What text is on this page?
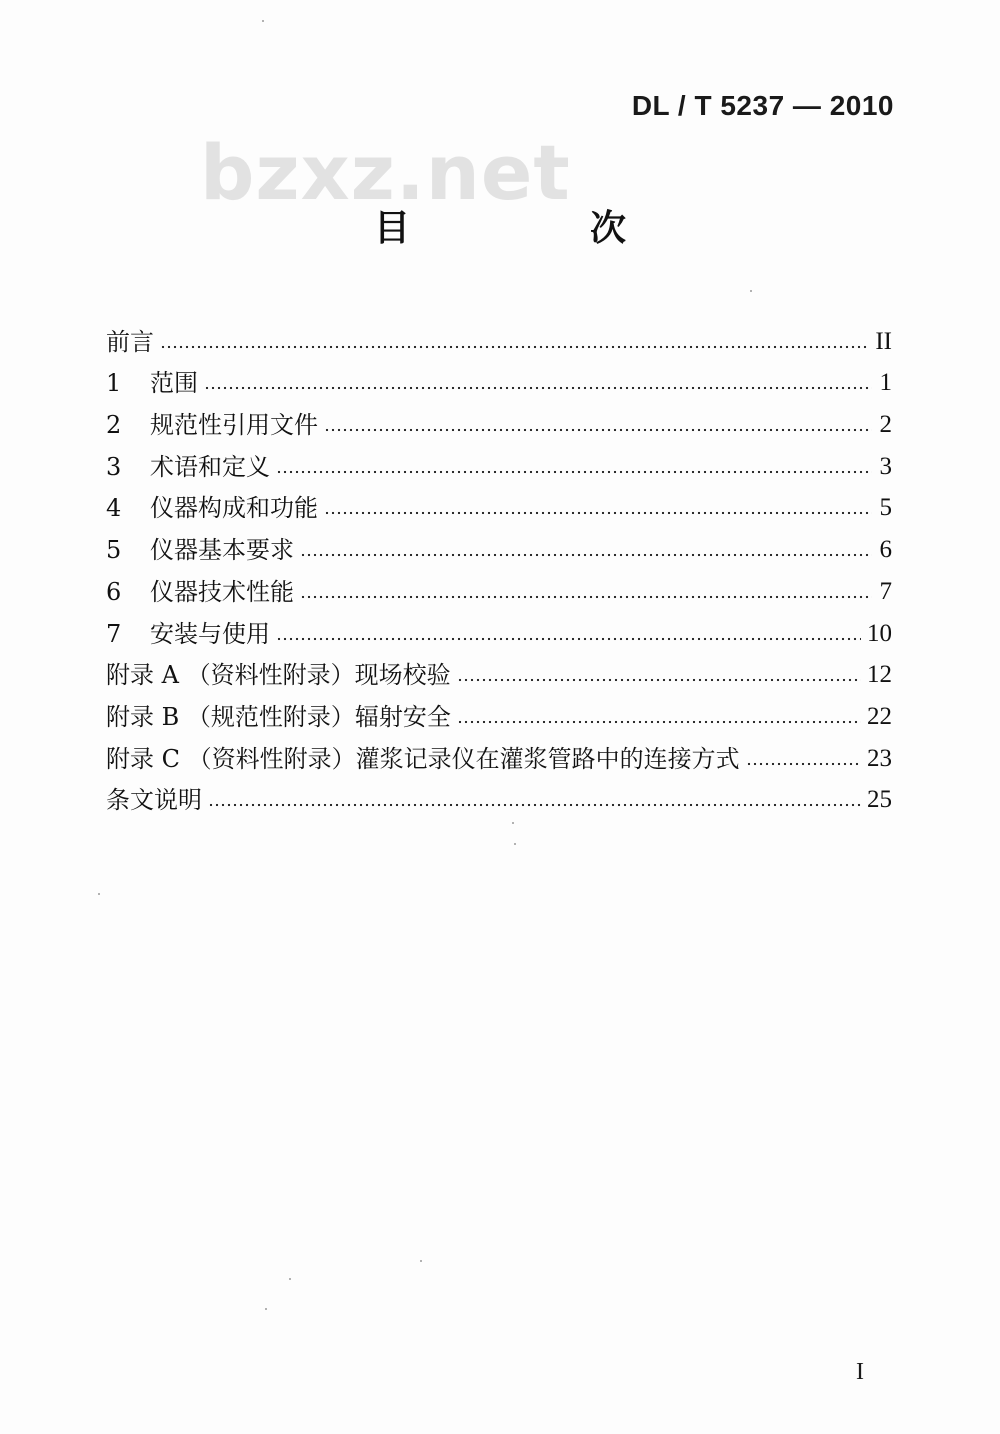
DL / T 5237 — 2010
bzxz.net
目　次
前言	II
1	范围	1
2	规范性引用文件	2
3	术语和定义	3
4	仪器构成和功能	5
5	仪器基本要求	6
6	仪器技术性能	7
7	安装与使用	10
附录 A （资料性附录）现场校验	12
附录 B （规范性附录）辐射安全	22
附录 C （资料性附录）灌浆记录仪在灌浆管路中的连接方式	23
条文说明	25
I
